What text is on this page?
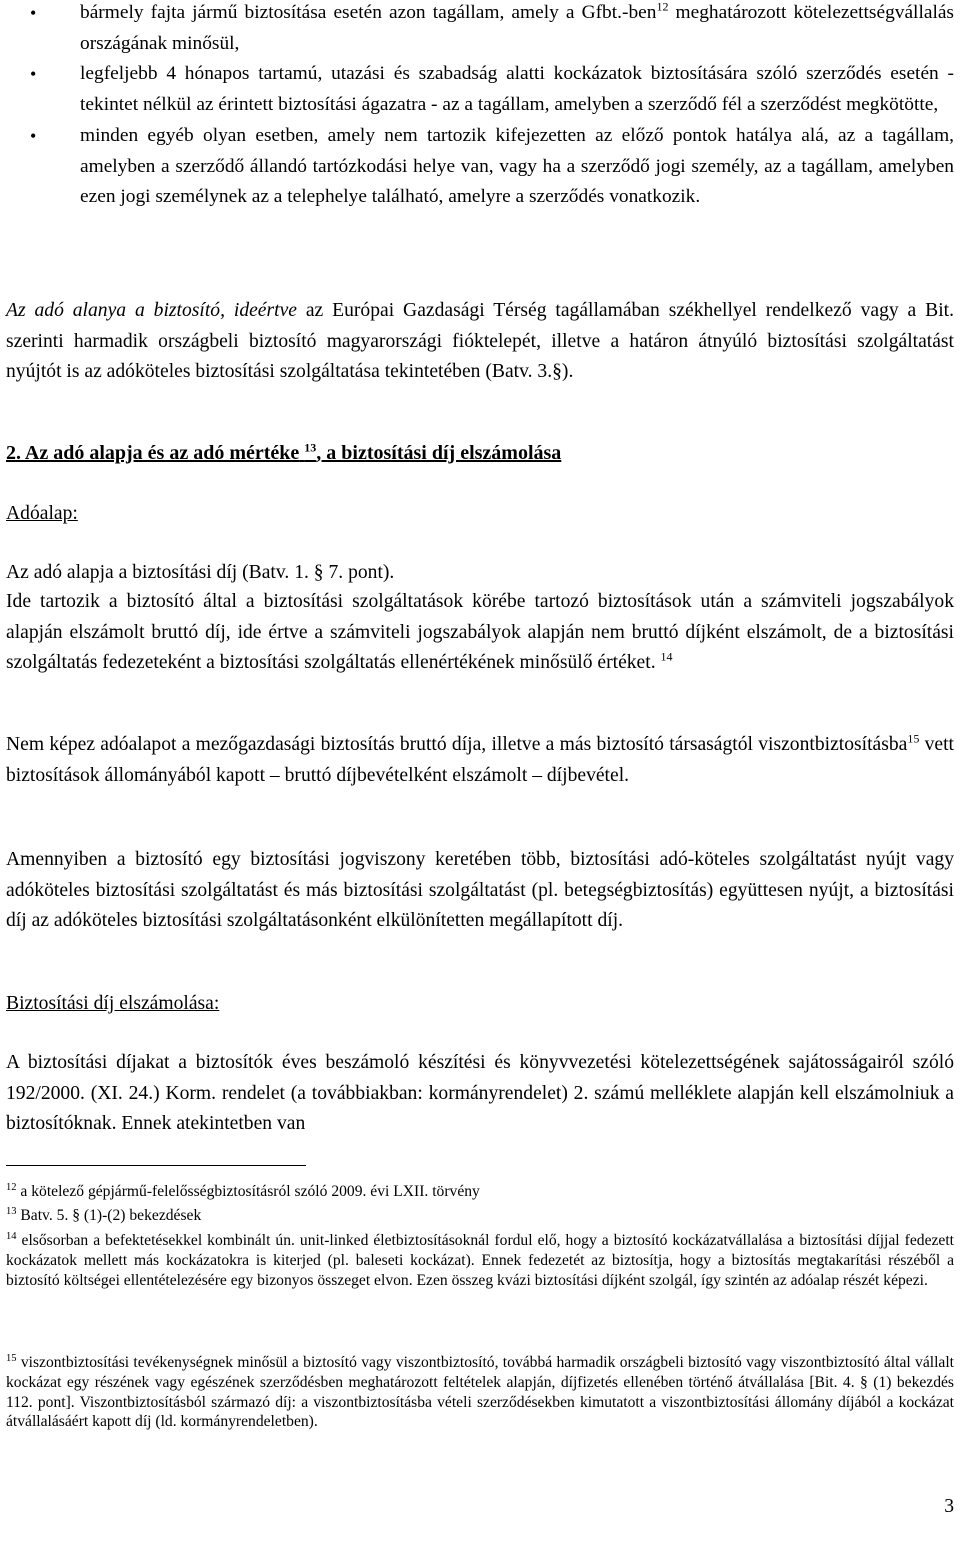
• bármely fajta jármű biztosítása esetén azon tagállam, amely a Gfbt.-ben$^{12}$ meghatározott kötelezettségvállalás országának minősül,
• legfeljebb 4 hónapos tartamú, utazási és szabadság alatti kockázatok biztosítására szóló szerződés esetén - tekintet nélkül az érintett biztosítási ágazatra - az a tagállam, amelyben a szerződő fél a szerződést megkötötte,
• minden egyéb olyan esetben, amely nem tartozik kifejezetten az előző pontok hatálya alá, az a tagállam, amelyben a szerződő állandó tartózkodási helye van, vagy ha a szerződő jogi személy, az a tagállam, amelyben ezen jogi személynek az a telephelye található, amelyre a szerződés vonatkozik.

Az adó alanya a biztosító, ideértve az Európai Gazdasági Térség tagállamában székhellyel rendelkező vagy a Bit. szerinti harmadik országbeli biztosító magyarországi fióktelepét, illetve a határon átnyúló biztosítási szolgáltatást nyújtót is az adóköteles biztosítási szolgáltatása tekintetében (Batv. 3.§).

2. Az adó alapja és az adó mértéke $^{13}$, a biztosítási díj elszámolása

Adóalap:

Az adó alapja a biztosítási díj (Batv. 1. § 7. pont).

Ide tartozik a biztosító által a biztosítási szolgáltatások körébe tartozó biztosítások után a számviteli jogszabályok alapján elszámolt bruttó díj, ide értve a számviteli jogszabályok alapján nem bruttó díjként elszámolt, de a biztosítási szolgáltatás fedezeteként a biztosítási szolgáltatás ellenértékének minősülő értéket. $^{14}$

Nem képez adóalapot a mezőgazdasági biztosítás bruttó díja, illetve a más biztosító társaságtól viszontbiztosításba$^{15}$ vett biztosítások állományából kapott – bruttó díjbevételként elszámolt – díjbevétel.

Amennyiben a biztosító egy biztosítási jogviszony keretében több, biztosítási adó-köteles szolgáltatást nyújt vagy adóköteles biztosítási szolgáltatást és más biztosítási szolgáltatást (pl. betegségbiztosítás) együttesen nyújt, a biztosítási díj az adóköteles biztosítási szolgáltatásonként elkülönítetten megállapított díj.

Biztosítási díj elszámolása:

A biztosítási díjakat a biztosítók éves beszámoló készítési és könyvvezetési kötelezettségének sajátosságairól szóló 192/2000. (XI. 24.) Korm. rendelet (a továbbiakban: kormányrendelet) 2. számú melléklete alapján kell elszámolniuk a biztosítóknak. Ennek atekintetben van

$^{12}$ a kötelező gépjármű-felelősségbiztosításról szóló 2009. évi LXII. törvény

$^{13}$ Batv. 5. § (1)-(2) bekezdések

$^{14}$ elsősorban a befektetésekkel kombinált ún. unit-linked életbiztosításoknál fordul elő, hogy a biztosító kockázatvállalása a biztosítási díjjal fedezett kockázatok mellett más kockázatokra is kiterjed (pl. baleseti kockázat). Ennek fedezetét az biztosítja, hogy a biztosítás megtakarítási részéből a biztosító költségei ellentételezésére egy bizonyos összeget elvon. Ezen összeg kvázi biztosítási díjként szolgál, így szintén az adóalap részét képezi.

$^{15}$ viszontbiztosítási tevékenységnek minősül a biztosító vagy viszontbiztosító, továbbá harmadik országbeli biztosító vagy viszontbiztosító által vállalt kockázat egy részének vagy egészének szerződésben meghatározott feltételek alapján, díjfizetés ellenében történő átvállalása [Bit. 4. § (1) bekezdés 112. pont]. Viszontbiztosításból származó díj: a viszontbiztosításba vételi szerződésekben kimutatott a viszontbiztosítási állomány díjából a kockázat átvállalásáért kapott díj (ld. kormányrendeletben).

3
